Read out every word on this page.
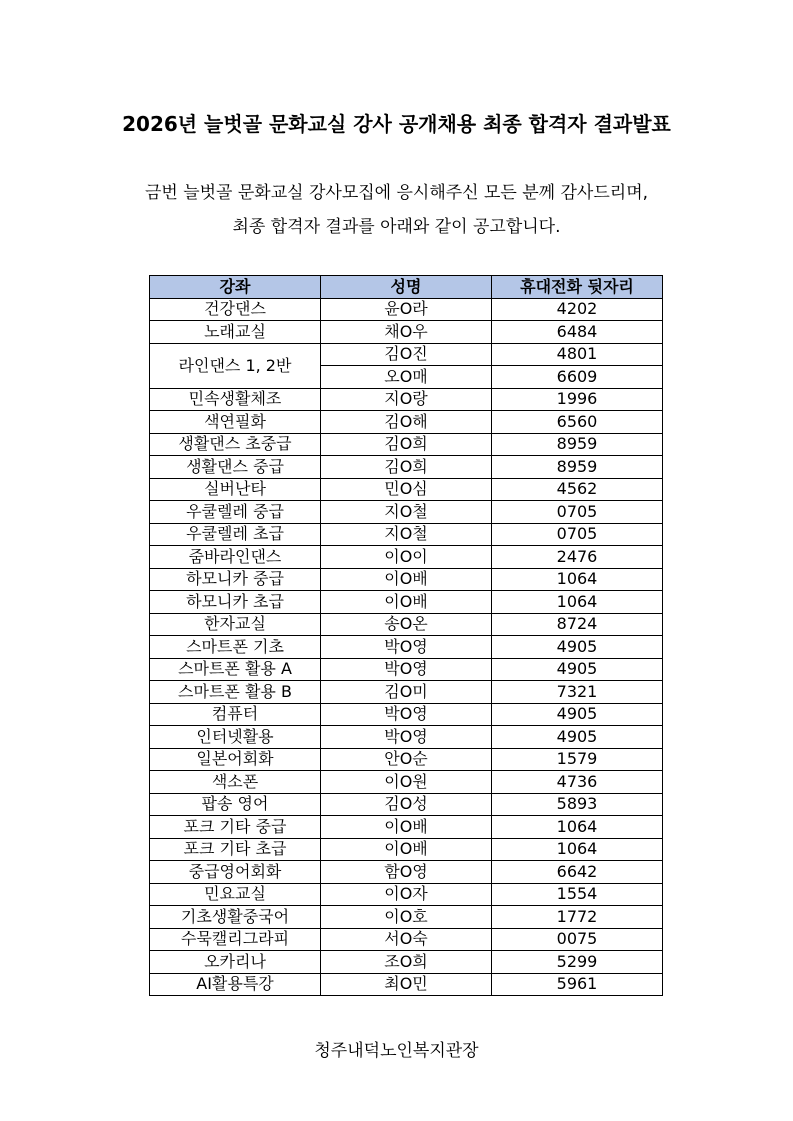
2026년 늘벗골 문화교실 강사 공개채용 최종 합격자 결과발표
금번 늘벗골 문화교실 강사모집에 응시해주신 모든 분께 감사드리며,
최종 합격자 결과를 아래와 같이 공고합니다.
강좌	성명	휴대전화 뒷자리
건강댄스	윤O라	4202
노래교실	채O우	6484
라인댄스 1, 2반	김O진	4801
	오O매	6609
민속생활체조	지O랑	1996
색연필화	김O해	6560
생활댄스 초중급	김O희	8959
생활댄스 중급	김O희	8959
실버난타	민O심	4562
우쿨렐레 중급	지O철	0705
우쿨렐레 초급	지O철	0705
줌바라인댄스	이O이	2476
하모니카 중급	이O배	1064
하모니카 초급	이O배	1064
한자교실	송O온	8724
스마트폰 기초	박O영	4905
스마트폰 활용 A	박O영	4905
스마트폰 활용 B	김O미	7321
컴퓨터	박O영	4905
인터넷활용	박O영	4905
일본어회화	안O순	1579
색소폰	이O원	4736
팝송 영어	김O성	5893
포크 기타 중급	이O배	1064
포크 기타 초급	이O배	1064
중급영어회화	함O영	6642
민요교실	이O자	1554
기초생활중국어	이O호	1772
수묵캘리그라피	서O숙	0075
오카리나	조O희	5299
AI활용특강	최O민	5961
청주내덕노인복지관장
